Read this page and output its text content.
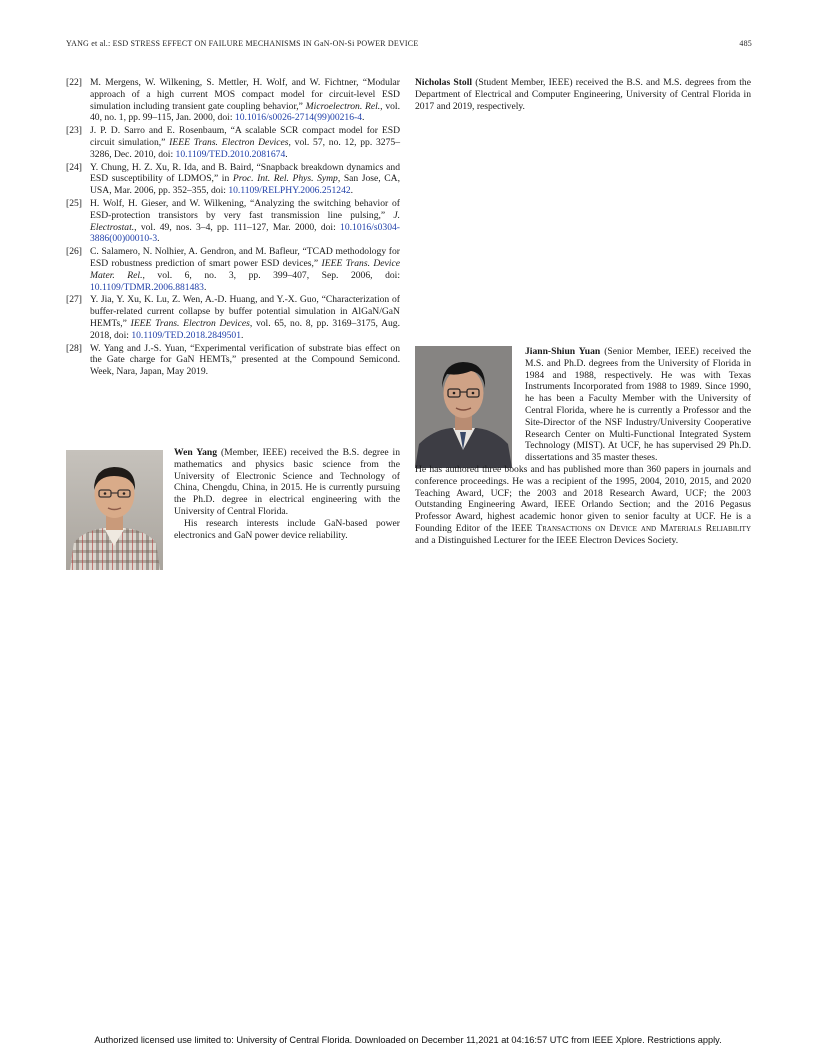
YANG et al.: ESD STRESS EFFECT ON FAILURE MECHANISMS IN GaN-ON-Si POWER DEVICE	485

[22] M. Mergens, W. Wilkening, S. Mettler, H. Wolf, and W. Fichtner, “Modular approach of a high current MOS compact model for circuit-level ESD simulation including transient gate coupling behavior,” Microelectron. Rel., vol. 40, no. 1, pp. 99–115, Jan. 2000, doi: 10.1016/s0026-2714(99)00216-4.

[23] J. P. D. Sarro and E. Rosenbaum, “A scalable SCR compact model for ESD circuit simulation,” IEEE Trans. Electron Devices, vol. 57, no. 12, pp. 3275–3286, Dec. 2010, doi: 10.1109/TED.2010.2081674.

[24] Y. Chung, H. Z. Xu, R. Ida, and B. Baird, “Snapback breakdown dynamics and ESD susceptibility of LDMOS,” in Proc. Int. Rel. Phys. Symp, San Jose, CA, USA, Mar. 2006, pp. 352–355, doi: 10.1109/RELPHY.2006.251242.

[25] H. Wolf, H. Gieser, and W. Wilkening, “Analyzing the switching behavior of ESD-protection transistors by very fast transmission line pulsing,” J. Electrostat., vol. 49, nos. 3–4, pp. 111–127, Mar. 2000, doi: 10.1016/s0304-3886(00)00010-3.

[26] C. Salamero, N. Nolhier, A. Gendron, and M. Bafleur, “TCAD methodology for ESD robustness prediction of smart power ESD devices,” IEEE Trans. Device Mater. Rel., vol. 6, no. 3, pp. 399–407, Sep. 2006, doi: 10.1109/TDMR.2006.881483.

[27] Y. Jia, Y. Xu, K. Lu, Z. Wen, A.-D. Huang, and Y.-X. Guo, “Characterization of buffer-related current collapse by buffer potential simulation in AlGaN/GaN HEMTs,” IEEE Trans. Electron Devices, vol. 65, no. 8, pp. 3169–3175, Aug. 2018, doi: 10.1109/TED.2018.2849501.

[28] W. Yang and J.-S. Yuan, “Experimental verification of substrate bias effect on the Gate charge for GaN HEMTs,” presented at the Compound Semicond. Week, Nara, Japan, May 2019.

Wen Yang (Member, IEEE) received the B.S. degree in mathematics and physics basic science from the University of Electronic Science and Technology of China, Chengdu, China, in 2015. He is currently pursuing the Ph.D. degree in electrical engineering with the University of Central Florida.
His research interests include GaN-based power electronics and GaN power device reliability.
Nicholas Stoll (Student Member, IEEE) received the B.S. and M.S. degrees from the Department of Electrical and Computer Engineering, University of Central Florida in 2017 and 2019, respectively.
Jiann-Shiun Yuan (Senior Member, IEEE) received the M.S. and Ph.D. degrees from the University of Florida in 1984 and 1988, respectively. He was with Texas Instruments Incorporated from 1988 to 1989. Since 1990, he has been a Faculty Member with the University of Central Florida, where he is currently a Professor and the Site-Director of the NSF Industry/University Cooperative Research Center on Multi-Functional Integrated System Technology (MIST). At UCF, he has supervised 29 Ph.D. dissertations and 35 master theses.
He has authored three books and has published more than 360 papers in journals and conference proceedings. He was a recipient of the 1995, 2004, 2010, 2015, and 2020 Teaching Award, UCF; the 2003 and 2018 Research Award, UCF; the 2003 Outstanding Engineering Award, IEEE Orlando Section; and the 2016 Pegasus Professor Award, highest academic honor given to senior faculty at UCF. He is a Founding Editor of the IEEE Transactions on Device and Materials Reliability and a Distinguished Lecturer for the IEEE Electron Devices Society.
Authorized licensed use limited to: University of Central Florida. Downloaded on December 11,2021 at 04:16:57 UTC from IEEE Xplore. Restrictions apply.
